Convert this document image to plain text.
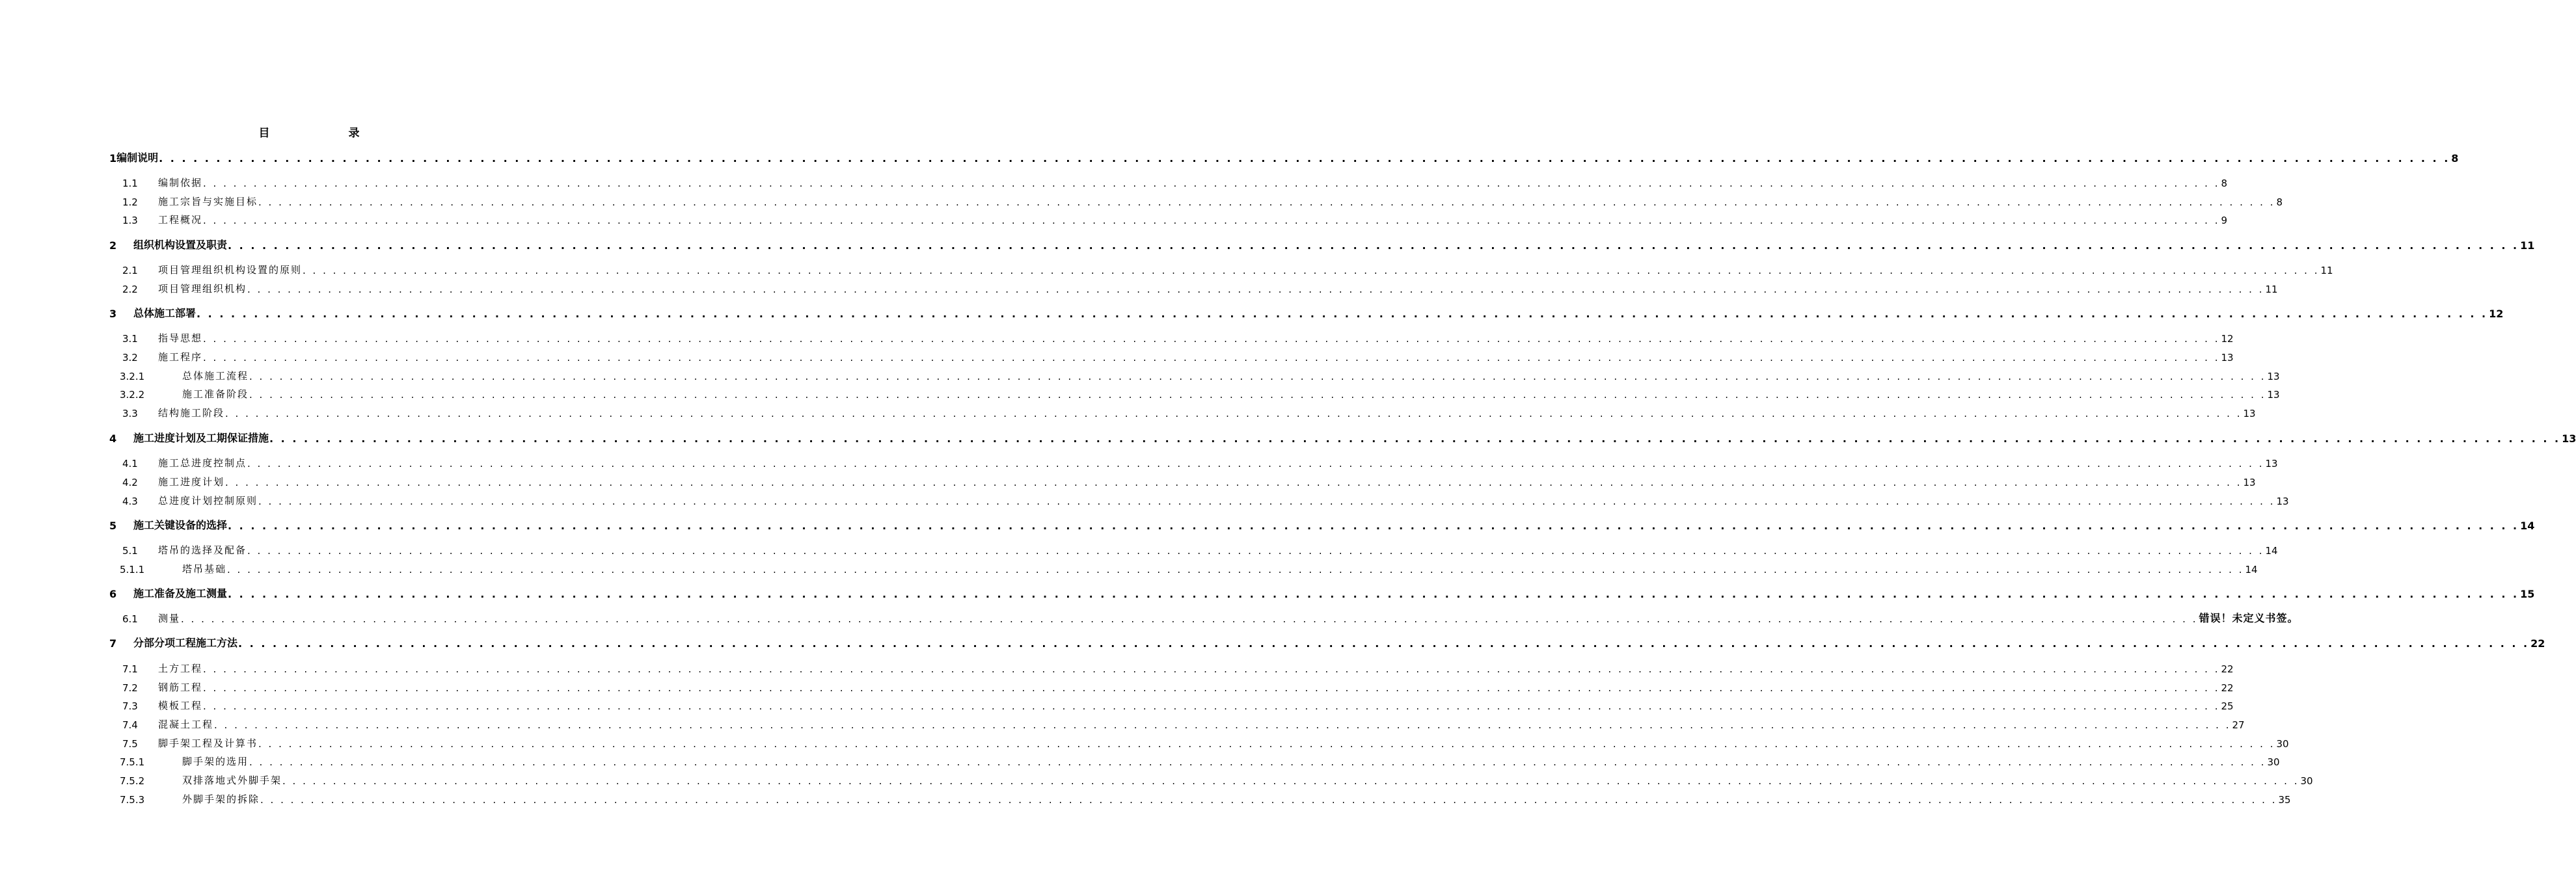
目　录
1 编制说明 . . . . . . . . . . . . . . . . . . . . . . . . . . . . . . . . . . . . . . . . . . . . . . . . . . . . . . . . . . . . . . . . . . . . . . . . . . . . . . . . . . . . . . . . . . . . . . . . . . . . . . . . . . . . . . . . . . . . . . . . . . . . . . . . . . . . . . . . . . . . . . . . . . . . . . . . . . . . . . . . . . . . . . . . . . . . . . . . . . . . . . . . . . . . . . . . . . . . . . . . 8
1.1	编制依据 . . . . . . . . . . . . . . . . . . . . . . . . . . . . . . . . . . . . . . . . . . . . . . . . . . . . . . . . . . . . . . . . . . . . . . . . . . . . . . . . . . . . . . . . . . . . . . . . . . . . . . . . . . . . . . . . . . . . . . . . . . . . . . . . . . . . . . . . . . . . . . . . . . . . . . . . . . . . . . . . . . . . . . . . . . . . . . . . . . . . . . . . . . . . . . . . . . . . . . . . 8
1.2	施工宗旨与实施目标 . . . . . . . . . . . . . . . . . . . . . . . . . . . . . . . . . . . . . . . . . . . . . . . . . . . . . . . . . . . . . . . . . . . . . . . . . . . . . . . . . . . . . . . . . . . . . . . . . . . . . . . . . . . . . . . . . . . . . . . . . . . . . . . . . . . . . . . . . . . . . . . . . . . . . . . . . . . . . . . . . . . . . . . . . . . . . . . . . . . . . . . . . . . . . . . . . . . . . . . . 8
1.3	工程概况 . . . . . . . . . . . . . . . . . . . . . . . . . . . . . . . . . . . . . . . . . . . . . . . . . . . . . . . . . . . . . . . . . . . . . . . . . . . . . . . . . . . . . . . . . . . . . . . . . . . . . . . . . . . . . . . . . . . . . . . . . . . . . . . . . . . . . . . . . . . . . . . . . . . . . . . . . . . . . . . . . . . . . . . . . . . . . . . . . . . . . . . . . . . . . . . . . . . . . . . . 9
2	组织机构设置及职责 . . . . . . . . . . . . . . . . . . . . . . . . . . . . . . . . . . . . . . . . . . . . . . . . . . . . . . . . . . . . . . . . . . . . . . . . . . . . . . . . . . . . . . . . . . . . . . . . . . . . . . . . . . . . . . . . . . . . . . . . . . . . . . . . . . . . . . . . . . . . . . . . . . . . . . . . . . . . . . . . . . . . . . . . . . . . . . . . . . . . . . . . . . . . . . . . . . . . . . . . 11
2.1	项目管理组织机构设置的原则 . . . . . . . . . . . . . . . . . . . . . . . . . . . . . . . . . . . . . . . . . . . . . . . . . . . . . . . . . . . . . . . . . . . . . . . . . . . . . . . . . . . . . . . . . . . . . . . . . . . . . . . . . . . . . . . . . . . . . . . . . . . . . . . . . . . . . . . . . . . . . . . . . . . . . . . . . . . . . . . . . . . . . . . . . . . . . . . . . . . . . . . . . . . . . . . . . . . . . . . . 11
2.2	项目管理组织机构 . . . . . . . . . . . . . . . . . . . . . . . . . . . . . . . . . . . . . . . . . . . . . . . . . . . . . . . . . . . . . . . . . . . . . . . . . . . . . . . . . . . . . . . . . . . . . . . . . . . . . . . . . . . . . . . . . . . . . . . . . . . . . . . . . . . . . . . . . . . . . . . . . . . . . . . . . . . . . . . . . . . . . . . . . . . . . . . . . . . . . . . . . . . . . . . . . . . . . . . . 11
3	总体施工部署 . . . . . . . . . . . . . . . . . . . . . . . . . . . . . . . . . . . . . . . . . . . . . . . . . . . . . . . . . . . . . . . . . . . . . . . . . . . . . . . . . . . . . . . . . . . . . . . . . . . . . . . . . . . . . . . . . . . . . . . . . . . . . . . . . . . . . . . . . . . . . . . . . . . . . . . . . . . . . . . . . . . . . . . . . . . . . . . . . . . . . . . . . . . . . . . . . . . . . . . . 12
3.1	指导思想 . . . . . . . . . . . . . . . . . . . . . . . . . . . . . . . . . . . . . . . . . . . . . . . . . . . . . . . . . . . . . . . . . . . . . . . . . . . . . . . . . . . . . . . . . . . . . . . . . . . . . . . . . . . . . . . . . . . . . . . . . . . . . . . . . . . . . . . . . . . . . . . . . . . . . . . . . . . . . . . . . . . . . . . . . . . . . . . . . . . . . . . . . . . . . . . . . . . . . . . . 12
3.2	施工程序 . . . . . . . . . . . . . . . . . . . . . . . . . . . . . . . . . . . . . . . . . . . . . . . . . . . . . . . . . . . . . . . . . . . . . . . . . . . . . . . . . . . . . . . . . . . . . . . . . . . . . . . . . . . . . . . . . . . . . . . . . . . . . . . . . . . . . . . . . . . . . . . . . . . . . . . . . . . . . . . . . . . . . . . . . . . . . . . . . . . . . . . . . . . . . . . . . . . . . . . . 13
3.2.1	总体施工流程 . . . . . . . . . . . . . . . . . . . . . . . . . . . . . . . . . . . . . . . . . . . . . . . . . . . . . . . . . . . . . . . . . . . . . . . . . . . . . . . . . . . . . . . . . . . . . . . . . . . . . . . . . . . . . . . . . . . . . . . . . . . . . . . . . . . . . . . . . . . . . . . . . . . . . . . . . . . . . . . . . . . . . . . . . . . . . . . . . . . . . . . . . . . . . . . . . . . . . . . . 13
3.2.2	施工准备阶段 . . . . . . . . . . . . . . . . . . . . . . . . . . . . . . . . . . . . . . . . . . . . . . . . . . . . . . . . . . . . . . . . . . . . . . . . . . . . . . . . . . . . . . . . . . . . . . . . . . . . . . . . . . . . . . . . . . . . . . . . . . . . . . . . . . . . . . . . . . . . . . . . . . . . . . . . . . . . . . . . . . . . . . . . . . . . . . . . . . . . . . . . . . . . . . . . . . . . . . . . 13
3.3	结构施工阶段 . . . . . . . . . . . . . . . . . . . . . . . . . . . . . . . . . . . . . . . . . . . . . . . . . . . . . . . . . . . . . . . . . . . . . . . . . . . . . . . . . . . . . . . . . . . . . . . . . . . . . . . . . . . . . . . . . . . . . . . . . . . . . . . . . . . . . . . . . . . . . . . . . . . . . . . . . . . . . . . . . . . . . . . . . . . . . . . . . . . . . . . . . . . . . . . . . . . . . . . . 13
4	施工进度计划及工期保证措施 . . . . . . . . . . . . . . . . . . . . . . . . . . . . . . . . . . . . . . . . . . . . . . . . . . . . . . . . . . . . . . . . . . . . . . . . . . . . . . . . . . . . . . . . . . . . . . . . . . . . . . . . . . . . . . . . . . . . . . . . . . . . . . . . . . . . . . . . . . . . . . . . . . . . . . . . . . . . . . . . . . . . . . . . . . . . . . . . . . . . . . . . . . . . . . . . . . . . . . . . 13
4.1	施工总进度控制点 . . . . . . . . . . . . . . . . . . . . . . . . . . . . . . . . . . . . . . . . . . . . . . . . . . . . . . . . . . . . . . . . . . . . . . . . . . . . . . . . . . . . . . . . . . . . . . . . . . . . . . . . . . . . . . . . . . . . . . . . . . . . . . . . . . . . . . . . . . . . . . . . . . . . . . . . . . . . . . . . . . . . . . . . . . . . . . . . . . . . . . . . . . . . . . . . . . . . . . . . 13
4.2	施工进度计划 . . . . . . . . . . . . . . . . . . . . . . . . . . . . . . . . . . . . . . . . . . . . . . . . . . . . . . . . . . . . . . . . . . . . . . . . . . . . . . . . . . . . . . . . . . . . . . . . . . . . . . . . . . . . . . . . . . . . . . . . . . . . . . . . . . . . . . . . . . . . . . . . . . . . . . . . . . . . . . . . . . . . . . . . . . . . . . . . . . . . . . . . . . . . . . . . . . . . . . . . 13
4.3	总进度计划控制原则 . . . . . . . . . . . . . . . . . . . . . . . . . . . . . . . . . . . . . . . . . . . . . . . . . . . . . . . . . . . . . . . . . . . . . . . . . . . . . . . . . . . . . . . . . . . . . . . . . . . . . . . . . . . . . . . . . . . . . . . . . . . . . . . . . . . . . . . . . . . . . . . . . . . . . . . . . . . . . . . . . . . . . . . . . . . . . . . . . . . . . . . . . . . . . . . . . . . . . . . . 13
5	施工关键设备的选择 . . . . . . . . . . . . . . . . . . . . . . . . . . . . . . . . . . . . . . . . . . . . . . . . . . . . . . . . . . . . . . . . . . . . . . . . . . . . . . . . . . . . . . . . . . . . . . . . . . . . . . . . . . . . . . . . . . . . . . . . . . . . . . . . . . . . . . . . . . . . . . . . . . . . . . . . . . . . . . . . . . . . . . . . . . . . . . . . . . . . . . . . . . . . . . . . . . . . . . . . 14
5.1	塔吊的选择及配备 . . . . . . . . . . . . . . . . . . . . . . . . . . . . . . . . . . . . . . . . . . . . . . . . . . . . . . . . . . . . . . . . . . . . . . . . . . . . . . . . . . . . . . . . . . . . . . . . . . . . . . . . . . . . . . . . . . . . . . . . . . . . . . . . . . . . . . . . . . . . . . . . . . . . . . . . . . . . . . . . . . . . . . . . . . . . . . . . . . . . . . . . . . . . . . . . . . . . . . . . 14
5.1.1	塔吊基础 . . . . . . . . . . . . . . . . . . . . . . . . . . . . . . . . . . . . . . . . . . . . . . . . . . . . . . . . . . . . . . . . . . . . . . . . . . . . . . . . . . . . . . . . . . . . . . . . . . . . . . . . . . . . . . . . . . . . . . . . . . . . . . . . . . . . . . . . . . . . . . . . . . . . . . . . . . . . . . . . . . . . . . . . . . . . . . . . . . . . . . . . . . . . . . . . . . . . . . . . 14
6	施工准备及施工测量 . . . . . . . . . . . . . . . . . . . . . . . . . . . . . . . . . . . . . . . . . . . . . . . . . . . . . . . . . . . . . . . . . . . . . . . . . . . . . . . . . . . . . . . . . . . . . . . . . . . . . . . . . . . . . . . . . . . . . . . . . . . . . . . . . . . . . . . . . . . . . . . . . . . . . . . . . . . . . . . . . . . . . . . . . . . . . . . . . . . . . . . . . . . . . . . . . . . . . . . . 15
6.1	测量 . . . . . . . . . . . . . . . . . . . . . . . . . . . . . . . . . . . . . . . . . . . . . . . . . . . . . . . . . . . . . . . . . . . . . . . . . . . . . . . . . . . . . . . . . . . . . . . . . . . . . . . . . . . . . . . . . . . . . . . . . . . . . . . . . . . . . . . . . . . . . . . . . . . . . . . . . . . . . . . . . . . . . . . . . . . . . . . . . . . . . . . . . . . . . . . . . . . . . . . . 错误！未定义书签。
7	分部分项工程施工方法 . . . . . . . . . . . . . . . . . . . . . . . . . . . . . . . . . . . . . . . . . . . . . . . . . . . . . . . . . . . . . . . . . . . . . . . . . . . . . . . . . . . . . . . . . . . . . . . . . . . . . . . . . . . . . . . . . . . . . . . . . . . . . . . . . . . . . . . . . . . . . . . . . . . . . . . . . . . . . . . . . . . . . . . . . . . . . . . . . . . . . . . . . . . . . . . . . . . . . . . . 22
7.1	土方工程 . . . . . . . . . . . . . . . . . . . . . . . . . . . . . . . . . . . . . . . . . . . . . . . . . . . . . . . . . . . . . . . . . . . . . . . . . . . . . . . . . . . . . . . . . . . . . . . . . . . . . . . . . . . . . . . . . . . . . . . . . . . . . . . . . . . . . . . . . . . . . . . . . . . . . . . . . . . . . . . . . . . . . . . . . . . . . . . . . . . . . . . . . . . . . . . . . . . . . . . . 22
7.2	钢筋工程 . . . . . . . . . . . . . . . . . . . . . . . . . . . . . . . . . . . . . . . . . . . . . . . . . . . . . . . . . . . . . . . . . . . . . . . . . . . . . . . . . . . . . . . . . . . . . . . . . . . . . . . . . . . . . . . . . . . . . . . . . . . . . . . . . . . . . . . . . . . . . . . . . . . . . . . . . . . . . . . . . . . . . . . . . . . . . . . . . . . . . . . . . . . . . . . . . . . . . . . . 22
7.3	模板工程 . . . . . . . . . . . . . . . . . . . . . . . . . . . . . . . . . . . . . . . . . . . . . . . . . . . . . . . . . . . . . . . . . . . . . . . . . . . . . . . . . . . . . . . . . . . . . . . . . . . . . . . . . . . . . . . . . . . . . . . . . . . . . . . . . . . . . . . . . . . . . . . . . . . . . . . . . . . . . . . . . . . . . . . . . . . . . . . . . . . . . . . . . . . . . . . . . . . . . . . . 25
7.4	混凝土工程 . . . . . . . . . . . . . . . . . . . . . . . . . . . . . . . . . . . . . . . . . . . . . . . . . . . . . . . . . . . . . . . . . . . . . . . . . . . . . . . . . . . . . . . . . . . . . . . . . . . . . . . . . . . . . . . . . . . . . . . . . . . . . . . . . . . . . . . . . . . . . . . . . . . . . . . . . . . . . . . . . . . . . . . . . . . . . . . . . . . . . . . . . . . . . . . . . . . . . . . . 27
7.5	脚手架工程及计算书 . . . . . . . . . . . . . . . . . . . . . . . . . . . . . . . . . . . . . . . . . . . . . . . . . . . . . . . . . . . . . . . . . . . . . . . . . . . . . . . . . . . . . . . . . . . . . . . . . . . . . . . . . . . . . . . . . . . . . . . . . . . . . . . . . . . . . . . . . . . . . . . . . . . . . . . . . . . . . . . . . . . . . . . . . . . . . . . . . . . . . . . . . . . . . . . . . . . . . . . . 30
7.5.1	脚手架的选用 . . . . . . . . . . . . . . . . . . . . . . . . . . . . . . . . . . . . . . . . . . . . . . . . . . . . . . . . . . . . . . . . . . . . . . . . . . . . . . . . . . . . . . . . . . . . . . . . . . . . . . . . . . . . . . . . . . . . . . . . . . . . . . . . . . . . . . . . . . . . . . . . . . . . . . . . . . . . . . . . . . . . . . . . . . . . . . . . . . . . . . . . . . . . . . . . . . . . . . . . 30
7.5.2	双排落地式外脚手架 . . . . . . . . . . . . . . . . . . . . . . . . . . . . . . . . . . . . . . . . . . . . . . . . . . . . . . . . . . . . . . . . . . . . . . . . . . . . . . . . . . . . . . . . . . . . . . . . . . . . . . . . . . . . . . . . . . . . . . . . . . . . . . . . . . . . . . . . . . . . . . . . . . . . . . . . . . . . . . . . . . . . . . . . . . . . . . . . . . . . . . . . . . . . . . . . . . . . . . . . 30
7.5.3	外脚手架的拆除 . . . . . . . . . . . . . . . . . . . . . . . . . . . . . . . . . . . . . . . . . . . . . . . . . . . . . . . . . . . . . . . . . . . . . . . . . . . . . . . . . . . . . . . . . . . . . . . . . . . . . . . . . . . . . . . . . . . . . . . . . . . . . . . . . . . . . . . . . . . . . . . . . . . . . . . . . . . . . . . . . . . . . . . . . . . . . . . . . . . . . . . . . . . . . . . . . . . . . . . . 35
